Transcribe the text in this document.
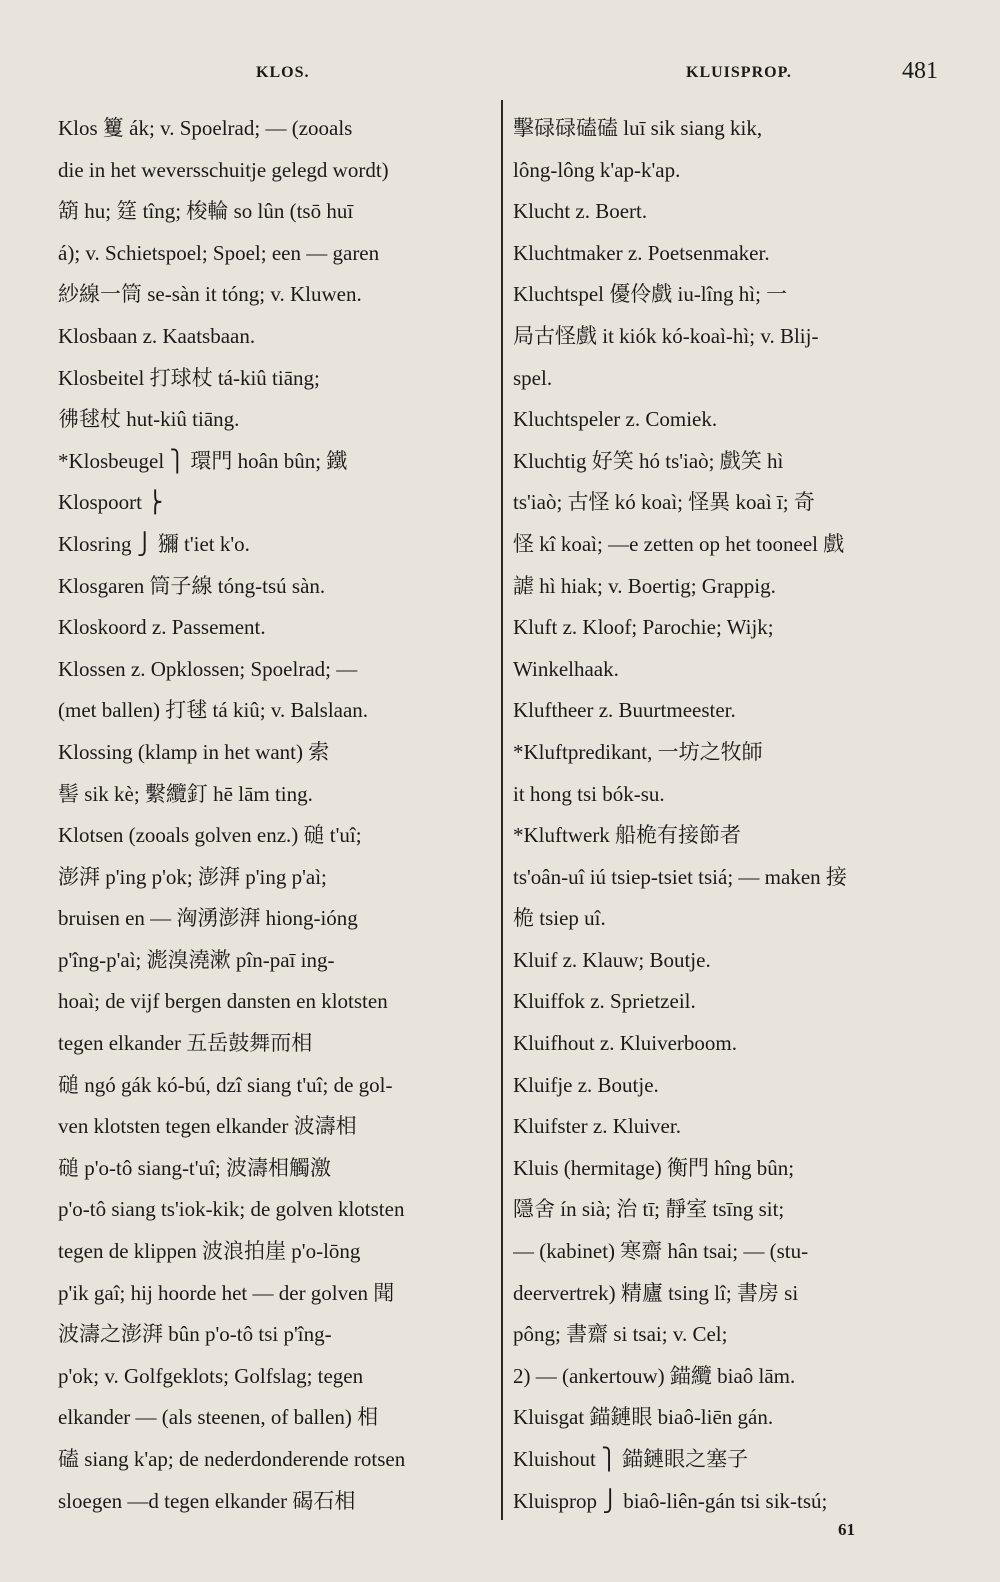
KLOS.	KLUISPROP.	481
Klos 籰 ák; v. Spoelrad; — (zooals
die in het weversschuitje gelegd wordt)
箶 hu; 筳 tîng; 梭輪 so lûn (tsō huī
á); v. Schietspoel; Spoel; een — garen
紗線一筒 se-sàn it tóng; v. Kluwen.
Klosbaan z. Kaatsbaan.
Klosbeitel 打球杖 tá-kiû tiāng;
彿毬杖 hut-kiû tiāng.
*Klosbeugel ⎫ 環門 hoân bûn; 鐵
Klospoort ⎬
Klosring ⎭ 獼 t'iet k'o.
Klosgaren 筒子線 tóng-tsú sàn.
Kloskoord z. Passement.
Klossen z. Opklossen; Spoelrad; —
(met ballen) 打毬 tá kiû; v. Balslaan.
Klossing (klamp in het want) 索
髻 sik kè; 繫纜釘 hē lām ting.
Klotsen (zooals golven enz.) 磓 t'uî;
澎湃 p'ing p'ok; 澎湃 p'ing p'aì;
bruisen en — 洶湧澎湃 hiong-ióng
p'îng-p'aì; 滮溴澆漱 pîn-paī ing-
hoaì; de vijf bergen dansten en klotsten
tegen elkander 五岳鼓舞而相
磓 ngó gák kó-bú, dzî siang t'uî; de gol-
ven klotsten tegen elkander 波濤相
磓 p'o-tô siang-t'uî; 波濤相觸激
p'o-tô siang ts'iok-kik; de golven klotsten
tegen de klippen 波浪拍崖 p'o-lōng
p'ik gaî; hij hoorde het — der golven 聞
波濤之澎湃 bûn p'o-tô tsi p'îng-
p'ok; v. Golfgeklots; Golfslag; tegen
elkander — (als steenen, of ballen) 相
磕 siang k'ap; de nederdonderende rotsen
sloegen —d tegen elkander 碣石相
擊碌碌磕磕 luī sik siang kik,
lông-lông k'ap-k'ap.
Klucht z. Boert.
Kluchtmaker z. Poetsenmaker.
Kluchtspel 優伶戲 iu-lîng hì; 一
局古怪戲 it kiók kó-koaì-hì; v. Blij-
spel.
Kluchtspeler z. Comiek.
Kluchtig 好笑 hó ts'iaò; 戲笑 hì
ts'iaò; 古怪 kó koaì; 怪異 koaì ī; 奇
怪 kî koaì; —e zetten op het tooneel 戲
謔 hì hiak; v. Boertig; Grappig.
Kluft z. Kloof; Parochie; Wijk;
Winkelhaak.
Kluftheer z. Buurtmeester.
*Kluftpredikant, 一坊之牧師
it hong tsi bók-su.
*Kluftwerk 船桅有接節者
ts'oân-uî iú tsiep-tsiet tsiá; — maken 接
桅 tsiep uî.
Kluif z. Klauw; Boutje.
Kluiffok z. Sprietzeil.
Kluifhout z. Kluiverboom.
Kluifje z. Boutje.
Kluifster z. Kluiver.
Kluis (hermitage) 衡門 hîng bûn;
隱舍 ín sià; 治 tī; 靜室 tsīng sit;
— (kabinet) 寒齋 hân tsai; — (stu-
deervertrek) 精廬 tsing lî; 書房 si
pông; 書齋 si tsai; v. Cel;
2) — (ankertouw) 錨纜 biaô lām.
Kluisgat 錨鏈眼 biaô-liēn gán.
Kluishout ⎫ 錨鏈眼之塞子
Kluisprop ⎭ biaô-liên-gán tsi sik-tsú;
61
